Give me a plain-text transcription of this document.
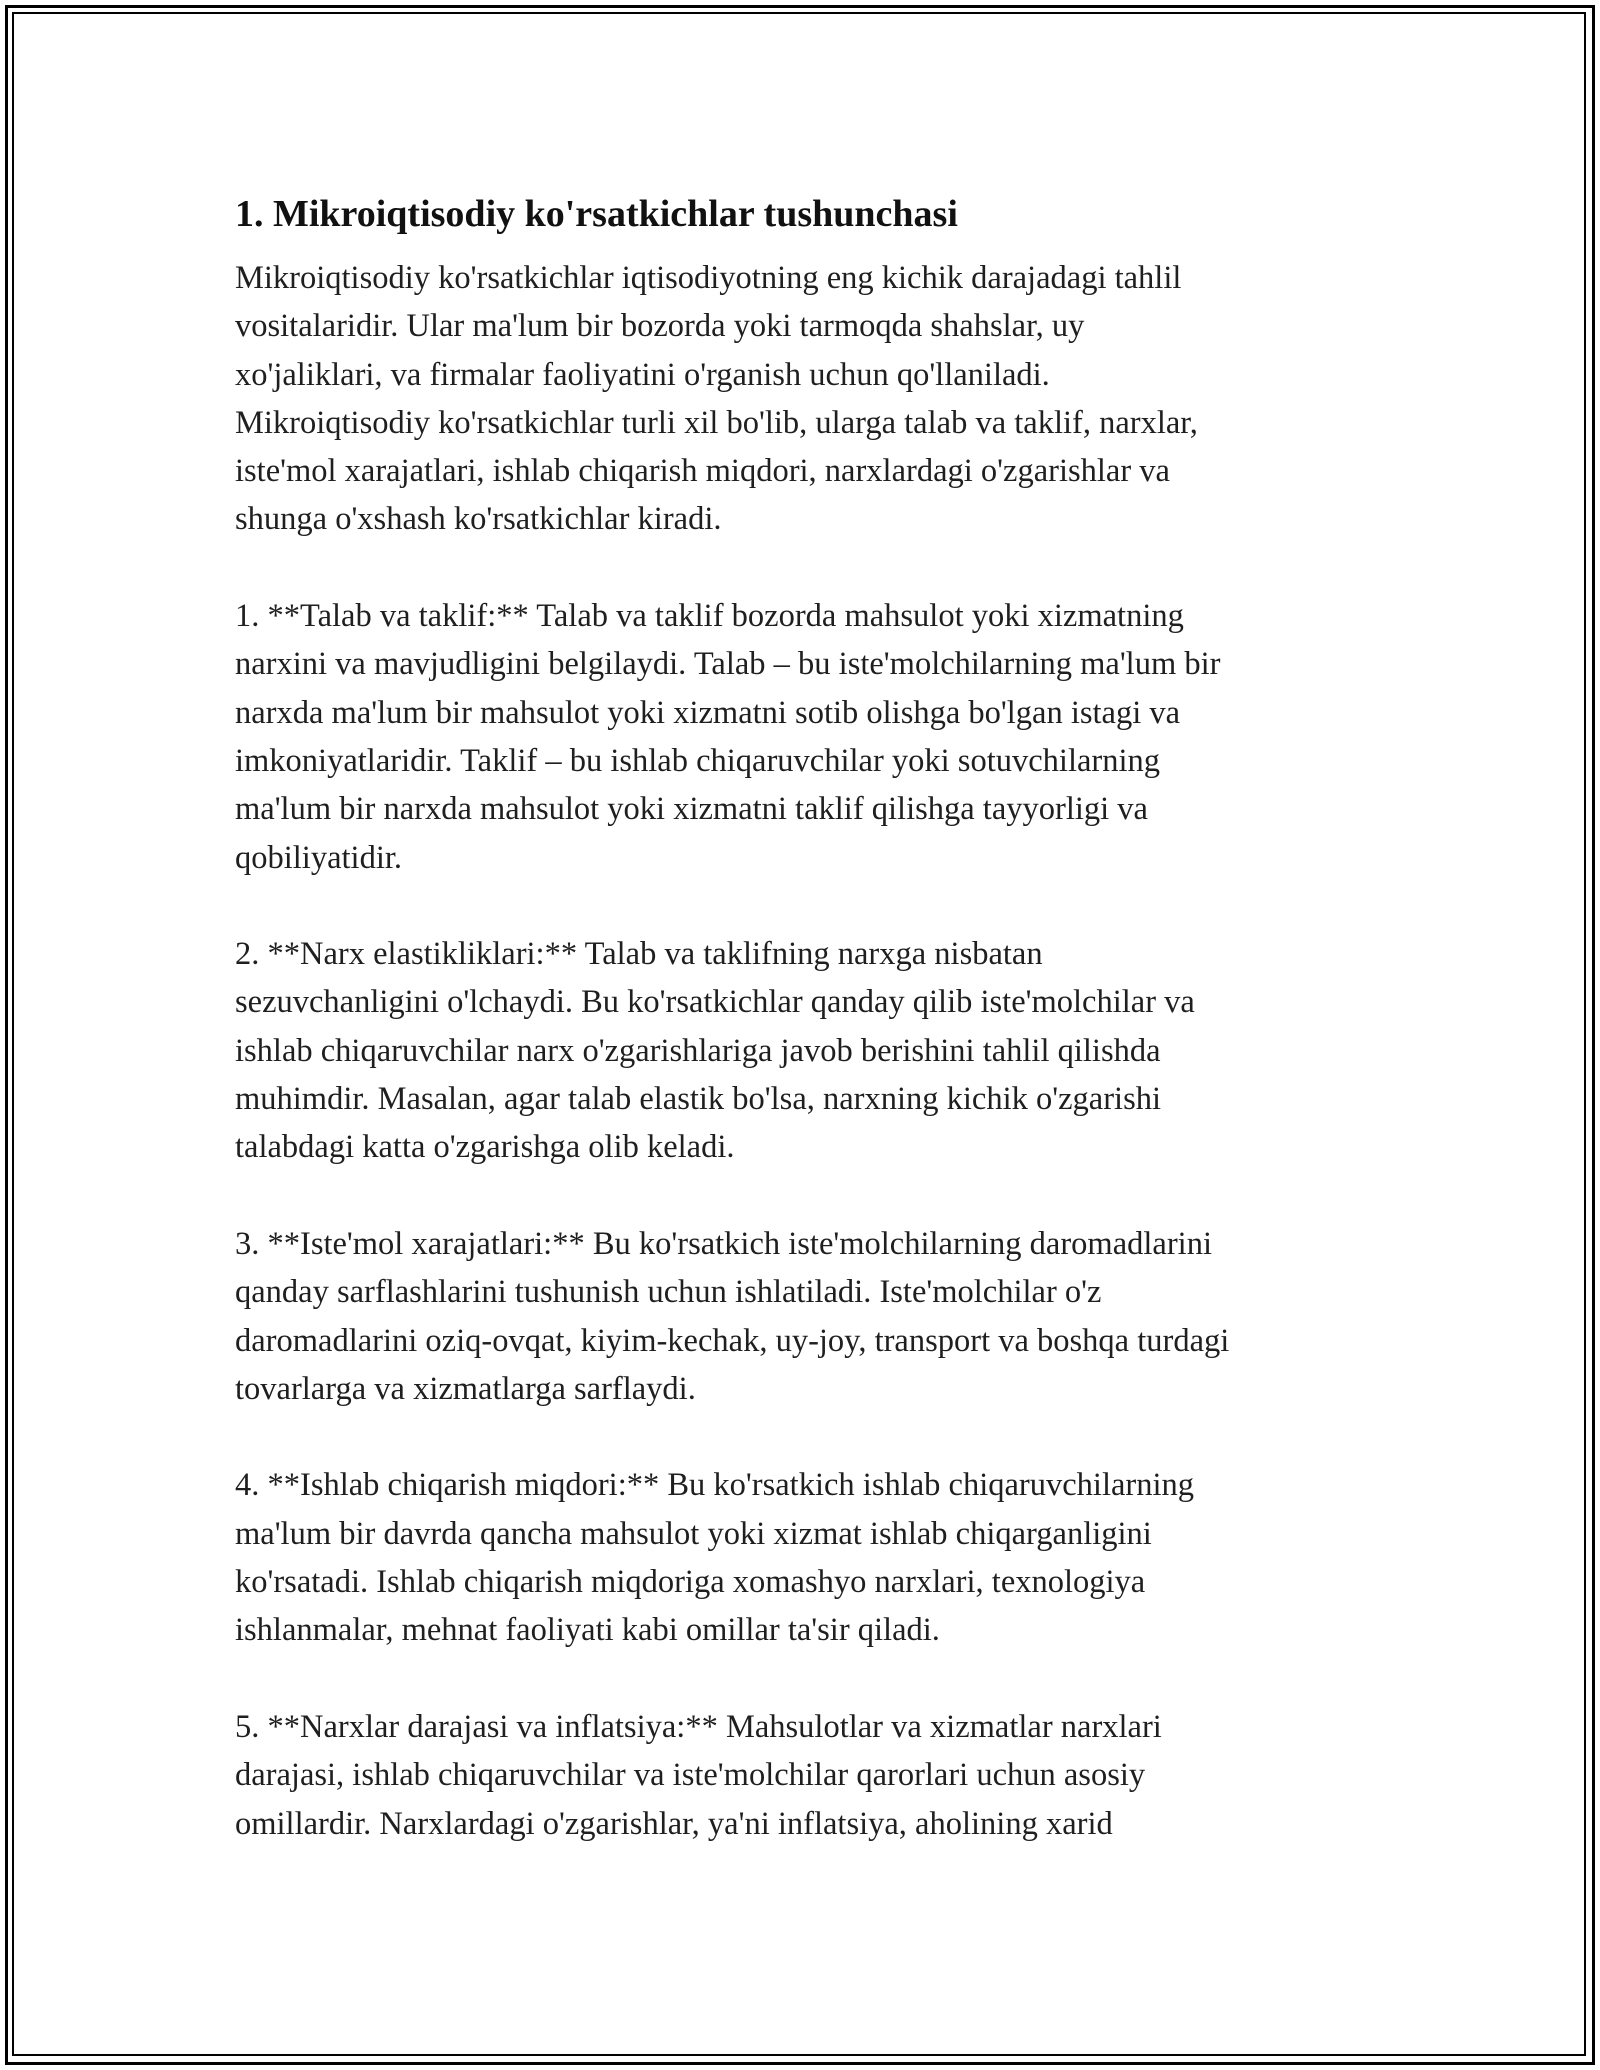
1. Mikroiqtisodiy ko'rsatkichlar tushunchasi

Mikroiqtisodiy ko'rsatkichlar iqtisodiyotning eng kichik darajadagi tahlil
vositalaridir. Ular ma'lum bir bozorda yoki tarmoqda shahslar, uy
xo'jaliklari, va firmalar faoliyatini o'rganish uchun qo'llaniladi.
Mikroiqtisodiy ko'rsatkichlar turli xil bo'lib, ularga talab va taklif, narxlar,
iste'mol xarajatlari, ishlab chiqarish miqdori, narxlardagi o'zgarishlar va
shunga o'xshash ko'rsatkichlar kiradi.

1. **Talab va taklif:** Talab va taklif bozorda mahsulot yoki xizmatning
narxini va mavjudligini belgilaydi. Talab – bu iste'molchilarning ma'lum bir
narxda ma'lum bir mahsulot yoki xizmatni sotib olishga bo'lgan istagi va
imkoniyatlaridir. Taklif – bu ishlab chiqaruvchilar yoki sotuvchilarning
ma'lum bir narxda mahsulot yoki xizmatni taklif qilishga tayyorligi va
qobiliyatidir.

2. **Narx elastikliklari:** Talab va taklifning narxga nisbatan
sezuvchanligini o'lchaydi. Bu ko'rsatkichlar qanday qilib iste'molchilar va
ishlab chiqaruvchilar narx o'zgarishlariga javob berishini tahlil qilishda
muhimdir. Masalan, agar talab elastik bo'lsa, narxning kichik o'zgarishi
talabdagi katta o'zgarishga olib keladi.

3. **Iste'mol xarajatlari:** Bu ko'rsatkich iste'molchilarning daromadlarini
qanday sarflashlarini tushunish uchun ishlatiladi. Iste'molchilar o'z
daromadlarini oziq-ovqat, kiyim-kechak, uy-joy, transport va boshqa turdagi
tovarlarga va xizmatlarga sarflaydi.

4. **Ishlab chiqarish miqdori:** Bu ko'rsatkich ishlab chiqaruvchilarning
ma'lum bir davrda qancha mahsulot yoki xizmat ishlab chiqarganligini
ko'rsatadi. Ishlab chiqarish miqdoriga xomashyo narxlari, texnologiya
ishlanmalar, mehnat faoliyati kabi omillar ta'sir qiladi.

5. **Narxlar darajasi va inflatsiya:** Mahsulotlar va xizmatlar narxlari
darajasi, ishlab chiqaruvchilar va iste'molchilar qarorlari uchun asosiy
omillardir. Narxlardagi o'zgarishlar, ya'ni inflatsiya, aholining xarid
